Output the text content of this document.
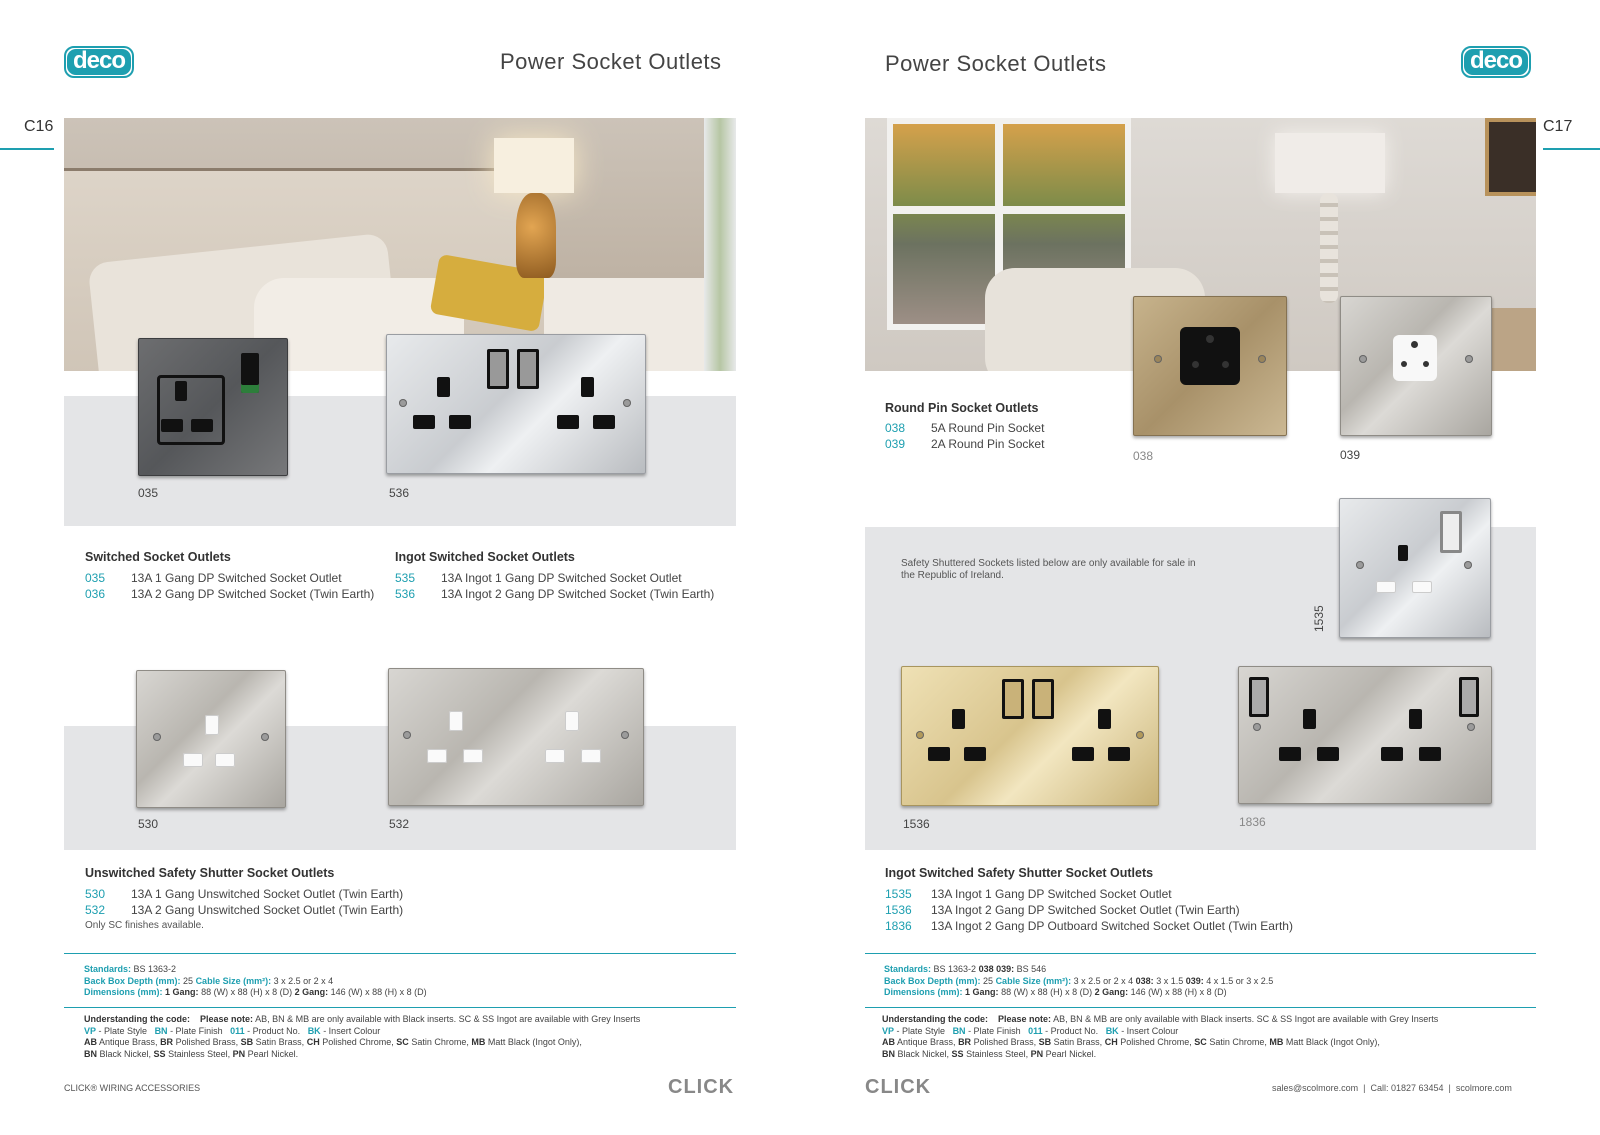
deco	Power Socket Outlets
C16
035	536
Switched Socket Outlets
035 13A 1 Gang DP Switched Socket Outlet
036 13A 2 Gang DP Switched Socket (Twin Earth)
Ingot Switched Socket Outlets
535 13A Ingot 1 Gang DP Switched Socket Outlet
536 13A Ingot 2 Gang DP Switched Socket (Twin Earth)
530	532
Unswitched Safety Shutter Socket Outlets
530 13A 1 Gang Unswitched Socket Outlet (Twin Earth)
532 13A 2 Gang Unswitched Socket Outlet (Twin Earth)
Only SC finishes available.
Standards: BS 1363-2
Back Box Depth (mm): 25 Cable Size (mm²): 3 x 2.5 or 2 x 4
Dimensions (mm): 1 Gang: 88 (W) x 88 (H) x 8 (D) 2 Gang: 146 (W) x 88 (H) x 8 (D)
Understanding the code: Please note: AB, BN & MB are only available with Black inserts. SC & SS Ingot are available with Grey Inserts
VP - Plate Style BN - Plate Finish 011 - Product No. BK - Insert Colour
AB Antique Brass, BR Polished Brass, SB Satin Brass, CH Polished Chrome, SC Satin Chrome, MB Matt Black (Ingot Only),
BN Black Nickel, SS Stainless Steel, PN Pearl Nickel.
CLICK® WIRING ACCESSORIES	CLICK
Power Socket Outlets	deco
C17
Round Pin Socket Outlets
038 5A Round Pin Socket
039 2A Round Pin Socket
038	039
Safety Shuttered Sockets listed below are only available for sale in the Republic of Ireland.
1535
1536	1836
Ingot Switched Safety Shutter Socket Outlets
1535 13A Ingot 1 Gang DP Switched Socket Outlet
1536 13A Ingot 2 Gang DP Switched Socket Outlet (Twin Earth)
1836 13A Ingot 2 Gang DP Outboard Switched Socket Outlet (Twin Earth)
Standards: BS 1363-2 038 039: BS 546
Back Box Depth (mm): 25 Cable Size (mm²): 3 x 2.5 or 2 x 4 038: 3 x 1.5 039: 4 x 1.5 or 3 x 2.5
Dimensions (mm): 1 Gang: 88 (W) x 88 (H) x 8 (D) 2 Gang: 146 (W) x 88 (H) x 8 (D)
Understanding the code: Please note: AB, BN & MB are only available with Black inserts. SC & SS Ingot are available with Grey Inserts
VP - Plate Style BN - Plate Finish 011 - Product No. BK - Insert Colour
AB Antique Brass, BR Polished Brass, SB Satin Brass, CH Polished Chrome, SC Satin Chrome, MB Matt Black (Ingot Only),
BN Black Nickel, SS Stainless Steel, PN Pearl Nickel.
CLICK	sales@scolmore.com  |  Call: 01827 63454  |  scolmore.com
